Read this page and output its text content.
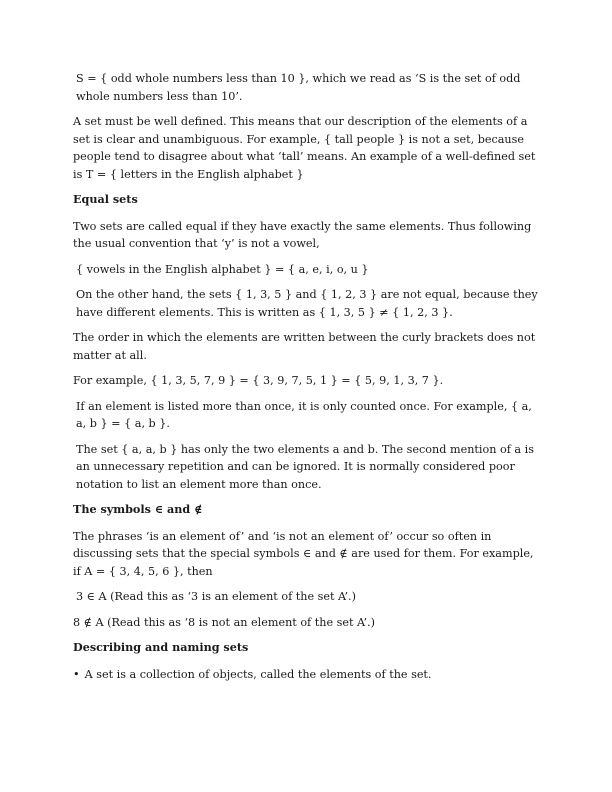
S = { odd whole numbers less than 10 }, which we read as ‘S is the set of odd whole numbers less than 10’.

A set must be well defined. This means that our description of the elements of a set is clear and unambiguous. For example, { tall people } is not a set, because people tend to disagree about what ‘tall’ means. An example of a well-defined set is T = { letters in the English alphabet }

Equal sets

Two sets are called equal if they have exactly the same elements. Thus following the usual convention that ‘y’ is not a vowel,

{ vowels in the English alphabet } = { a, e, i, o, u }

On the other hand, the sets { 1, 3, 5 } and { 1, 2, 3 } are not equal, because they have different elements. This is written as { 1, 3, 5 } ≠ { 1, 2, 3 }.

The order in which the elements are written between the curly brackets does not matter at all.

For example, { 1, 3, 5, 7, 9 } = { 3, 9, 7, 5, 1 } = { 5, 9, 1, 3, 7 }.

If an element is listed more than once, it is only counted once. For example, { a, a, b } = { a, b }.

The set { a, a, b } has only the two elements a and b. The second mention of a is an unnecessary repetition and can be ignored. It is normally considered poor notation to list an element more than once.

The symbols ∈ and ∉

The phrases ‘is an element of’ and ‘is not an element of’ occur so often in discussing sets that the special symbols ∈ and ∉ are used for them. For example, if A = { 3, 4, 5, 6 }, then

3 ∈ A (Read this as ‘3 is an element of the set A’.)

8 ∉ A (Read this as ‘8 is not an element of the set A’.)

Describing and naming sets

• A set is a collection of objects, called the elements of the set.
